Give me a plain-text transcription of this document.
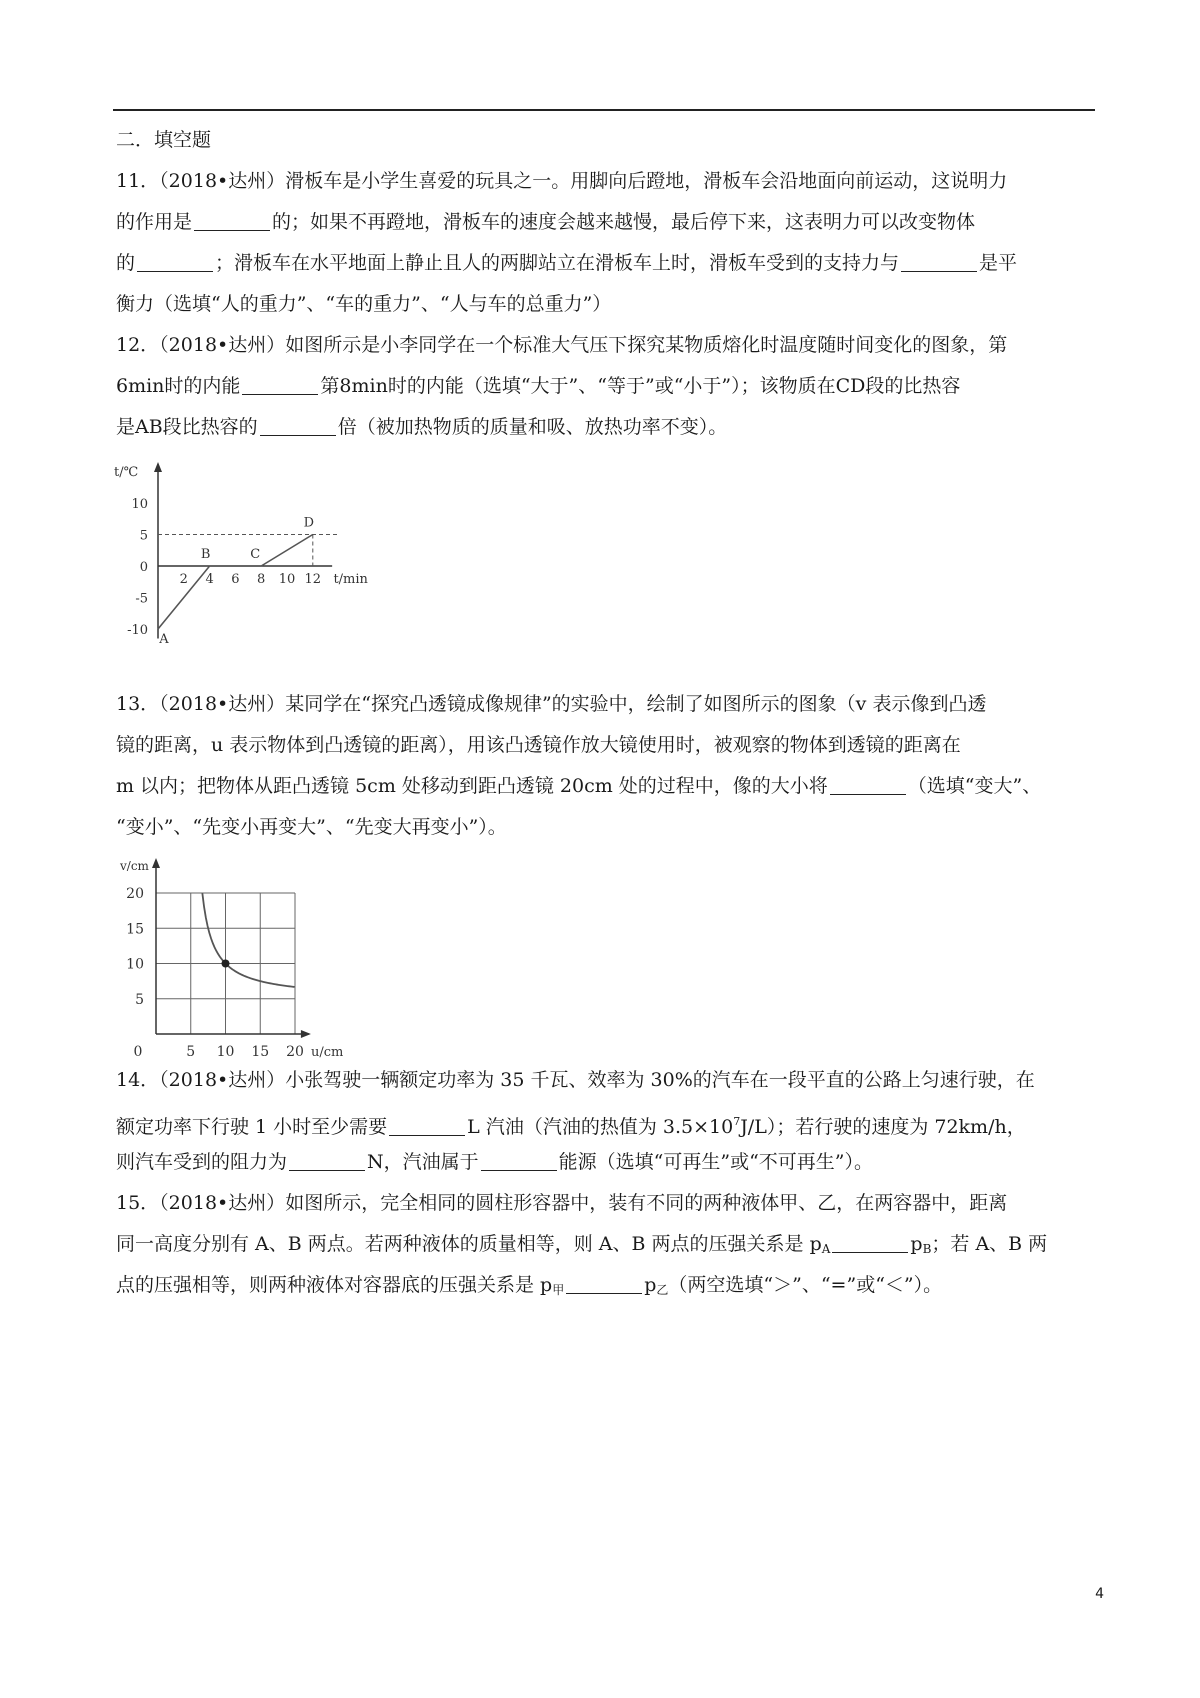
二．填空题
11．（2018•达州）滑板车是小学生喜爱的玩具之一。用脚向后蹬地，滑板车会沿地面向前运动，这说明力
的作用是	的；如果不再蹬地，滑板车的速度会越来越慢，最后停下来，这表明力可以改变物体
的	；滑板车在水平地面上静止且人的两脚站立在滑板车上时，滑板车受到的支持力与	是平
衡力（选填“人的重力”、“车的重力”、“人与车的总重力”）
12．（2018•达州）如图所示是小李同学在一个标准大气压下探究某物质熔化时温度随时间变化的图象，第
6min时的内能	第8min时的内能（选填“大于”、“等于”或“小于”）；该物质在CD段的比热容
是AB段比热容的	倍（被加热物质的质量和吸、放热功率不变）。
t/℃
t/min
10
5
0
-5
-10
2 4 6 8 10 12
A
B	C
D
13．（2018•达州）某同学在“探究凸透镜成像规律”的实验中，绘制了如图所示的图象（v 表示像到凸透
镜的距离，u 表示物体到凸透镜的距离），用该凸透镜作放大镜使用时，被观察的物体到透镜的距离在
m 以内；把物体从距凸透镜 5cm 处移动到距凸透镜 20cm 处的过程中，像的大小将	（选填“变大”、
“变小”、“先变小再变大”、“先变大再变小”）。
v/cm
u/cm
20
15
10
5
0	5 10 15 20
14．（2018•达州）小张驾驶一辆额定功率为 35 千瓦、效率为 30%的汽车在一段平直的公路上匀速行驶，在
额定功率下行驶 1 小时至少需要	L 汽油（汽油的热值为 $3.5\times 10^7J/L$）；若行驶的速度为 72km/h，
则汽车受到的阻力为	N，汽油属于	能源（选填“可再生”或“不可再生”）。
15．（2018•达州）如图所示，完全相同的圆柱形容器中，装有不同的两种液体甲、乙，在两容器中，距离
同一高度分别有 A、B 两点。若两种液体的质量相等，则 A、B 两点的压强关系是 $p_A$	$p_B$；若 A、B 两
点的压强相等，则两种液体对容器底的压强关系是 $p_甲$	$p_乙$（两空选填“＞”、“=”或“＜”）。
4
